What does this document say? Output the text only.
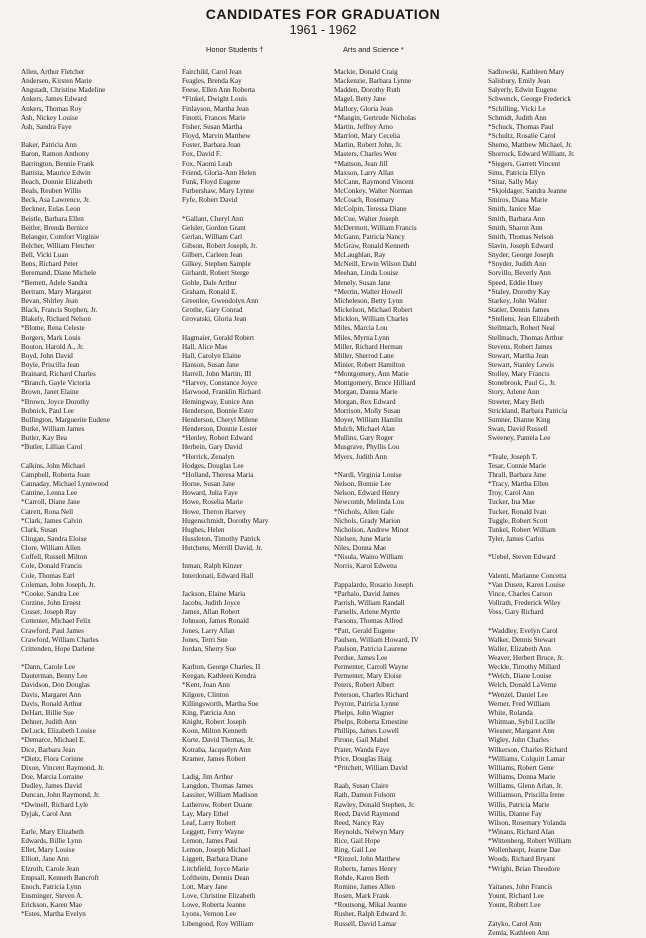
CANDIDATES FOR GRADUATION
1961 - 1962
Honor Students †	Arts and Science *
Allen, Arthur Fletcher
Andersen, Kirsten Marie
Angstadt, Christine Madeline
Ankers, James Edward
Ankers, Thomas Roy
Ash, Nickey Louise
Ash, Sandra Faye
Baker, Patricia Ann
Baron, Ramon Anthony
Barrington, Bennie Frank
Battista, Maurice Edwin
Beach, Donnie Elizabeth
Beals, Reuben Willis
Beck, Asa Lawrence, Jr.
Beckner, Eulas Leon
Beistle, Barbara Ellen
Beitler, Brenda Bernice
Belanger, Comfort Virginie
Belcher, William Fletcher
Bell, Vicki Luan
Bens, Richard Peter
Beremand, Diane Michele
*Bernett, Adele Sandra
Bertram, Mary Margaret
Bevan, Shirley Jean
Black, Francis Stephen, Jr.
Blakely, Richard Nelson
*Blome, Rena Celeste
Borgers, Mark Louis
Bouton, Harold A., Jr.
Boyd, John David
Boyle, Priscilla Jean
Brainard, Richard Charles
*Branch, Gayle Victoria
Brown, Janet Elaine
*Brown, Joyce Dorothy
Bubnick, Paul Lee
Bullington, Marguerite Eudene
Burke, William James
Butler, Kay Bea
*Butler, Lillian Carol
Calkins, John Michael
Campbell, Roberta Joan
Cannaday, Michael Lynnwood
Cantine, Lenna Lee
*Carroll, Diane Jane
Catrett, Rona Nell
*Clark, James Calvin
Clark, Susan
Clingan, Sandra Eloise
Clore, William Allen
Coffell, Russell Milton
Cole, Donald Francis
Cole, Thomas Earl
Coleman, John Joseph, Jr.
*Cooke, Sandra Lee
Corzine, John Ernest
Cosser, Joseph Ray
Cottenier, Michael Felix
Crawford, Paul James
Crawford, William Charles
Crittenden, Hope Darlene
*Dann, Carole Lee
Dauterman, Benny Lee
Davidson, Don Douglas
Davis, Margaret Ann
Davis, Ronald Arthur
DeHart, Billie Sue
Dehner, Judith Ann
DeLuck, Elizabeth Louise
*Demarce, Michael E.
Dice, Barbara Jean
*Dietz, Flora Corinne
Dixon, Vincent Raymond, Jr.
Doe, Marcia Lorraine
Dudley, James David
Duncan, John Raymond, Jr.
*Dwinell, Richard Lyle
Dyjak, Carol Ann
Earle, Mary Elizabeth
Edwards, Billie Lynn
Ellet, Mary Louise
Elliott, Jane Ann
Elzroth, Carole Jean
Empsall, Kenneth Bancroft
Enoch, Patricia Lynn
Ensminger, Steven A.
Erickson, Karen Mae
*Estes, Martha Evelyn
Fairchild, Carol Jean
Feagles, Brenda Kay
Feese, Ellen Ann Roberta
*Finkel, Dwight Louis
Finlayson, Martha Jean
Finotti, Frances Marie
Fisher, Susan Martha
Floyd, Marvin Matthew
Foster, Barbara Joan
Fox, David F.
Fox, Naomi Leah
Friend, Gloria-Ann Helen
Funk, Floyd Eugene
Furbershaw, Mary Lynne
Fyfe, Robert David
*Gallant, Cheryl Ann
Gelsler, Gordon Grant
Gerlan, William Carl
Gibson, Robert Joseph, Jr.
Gilbert, Carleen Jean
Gilkey, Stephen Sample
Girhardt, Robert Sterge
Goble, Dale Arthur
Graham, Ronald E.
Greenlee, Gwendolyn Ann
Grothe, Gary Conrad
Grovatski, Gloria Jean
Hagmaier, Gerald Robert
Hall, Alice Mae
Hall, Carolyn Elaine
Hanson, Susan Jane
Harrell, John Martin, III
*Harvey, Constance Joyce
Harwood, Franklin Richard
Hemingway, Eunice Ann
Henderson, Bonnie Ester
Henderson, Cheryl Milene
Henderson, Donnie Lester
*Henley, Robert Edward
Herbein, Gary David
*Herrick, Zenalyn
Hodges, Douglas Lee
*Holland, Theresa Maria
Horne, Susan Jane
Howard, Julia Faye
Howe, Roselia Marie
Howe, Theron Harvey
Hugenschmidt, Dorothy Mary
Hughes, Helen
Hussleton, Timothy Patrick
Hutchens, Merrill David, Jr.
Inman, Ralph Kinzer
Interdonati, Edward Hall
Jackson, Elaine Maria
Jacobs, Judith Joyce
James, Allan Robert
Johnson, James Ronald
Jones, Larry Allan
Jones, Terri Sue
Jordan, Sherry Sue
Karlton, George Charles, II
Keegan, Kathleen Kendra
*Kent, Joan Ann
Kilgore, Clinton
Killingsworth, Martha Sue
King, Patricia Ann
Knight, Robert Joseph
Koon, Milton Kenneth
Korte, David Thomas, Jr.
Kotraba, Jacquelyn Ann
Kramer, James Robert
Ladig, Jim Arthur
Langdon, Thomas James
Lassiter, William Madison
Latherow, Robert Duane
Lay, Mary Ethel
Leaf, Larry Robert
Leggett, Ferry Wayne
Lemon, James Paul
Lemon, Joseph Michael
Liggett, Barbara Diane
Litchfield, Joyce Marie
Loftheim, Dennis Dean
Lott, Mary Jane
Love, Christine Elizabeth
Lowe, Roberta Jeanne
Lyons, Vernon Lee
Libengood, Roy William
Mackie, Donald Craig
Mackenzie, Barbara Lynne
Madden, Dorothy Ruth
Magel, Betty Jane
Mallory, Gloria Jean
*Mangin, Gertrude Nicholas
Martin, Jeffrey Arno
Marriott, Mary Cecelia
Martin, Robert John, Jr.
Masters, Charles Wen
*Mattson, Jean Jill
Maxson, Larry Allan
McCann, Raymond Vincent
McConkey, Walter Norman
McCoach, Rosemary
McColpin, Teressa Diane
McCue, Walter Joseph
McDermott, William Francis
McGann, Patricia Nancy
McGraw, Ronald Kenneth
McLaughlan, Ray
McNeill, Erwin Wilson Dahl
Meehan, Linda Louise
Menely, Susan Jane
*Merrin, Walter Howell
Micheleson, Betty Lynn
Mickelson, Michael Robert
Micklon, William Charles
Miles, Marcia Lou
Miles, Myrna Lynn
Miller, Richard Herman
Miller, Sherrod Lane
Minier, Robert Hamilton
*Montgomery, Ann Marie
Montgomery, Bruce Hilliard
Morgan, Danna Marie
Morgan, Rex Edward
Morrison, Molly Susan
Moyer, William Hamlin
Mulch, Michael Alan
Mullins, Gary Roger
Musgrave, Phyllis Lou
Myers, Judith Ann
*Nardi, Virginia Louise
Nelson, Bonnie Lee
Nelson, Edward Henry
Newcomb, Melinda Lou
*Nichols, Allen Gale
Nichols, Grady Marion
Nicholson, Andrew Minot
Nielsen, June Marie
Niles, Donna Mae
*Nisula, Waino William
Norris, Karol Edwena
Pappalardo, Rosario Joseph
*Parhalo, David James
Parrish, William Randall
Parsells, Arlene Myrtle
Parsons, Thomas Alfred
*Patt, Gerald Eugene
Paulsen, William Howard, IV
Paulson, Patricia Laurene
Perdue, James Lee
Permenter, Carroll Wayne
Permenter, Mary Eloise
Peters, Robert Albert
Peterson, Charles Richard
Peyton, Patricia Lynne
Phelps, John Wagner
Phelps, Roberta Ernestine
Phillips, James Lowell
Pirone, Gail Mabel
Prater, Wanda Faye
Price, Douglas Haig
*Pritchett, William David
Raab, Susan Claire
Rath, Damon Folsom
Rawley, Donald Stephen, Jr.
Reed, David Raymond
Reed, Nancy Ray
Reynolds, Nelwyn Mary
Rice, Gail Hope
Ring, Gail Lee
*Rinzel, John Matthew
Roberts, James Henry
Rohde, Karen Beth
Romine, James Allen
Rosen, Mark Frank
*Routsong, Mikal Jeanne
Rusher, Ralph Edward Jr.
Russell, David Lamar
Sadlowski, Kathleen Mary
Salisbury, Emily Jean
Salyerly, Edwin Eugene
Schwenck, George Frederick
*Schilling, Vicki Le
Schmidt, Judith Ann
*Schuck, Thomas Paul
*Schultz, Rosalie Carol
Shemo, Matthew Michael, Jr.
Shorrock, Edward William, Jr.
*Siegers, Garrett Vincent
Sims, Patricia Ellyn
*Sitar, Sally May
*Skjoldager, Sandra Jeanne
Smiros, Diana Marie
Smith, Janice Mae
Smith, Barbara Ann
Smith, Sharon Ann
Smith, Thomas Nelson
Slavin, Joseph Edward
Snyder, George Joseph
*Snyder, Judith Ann
Sorvillo, Beverly Ann
Speed, Eddie Huey
*Staley, Dorothy Kay
Starkey, John Walter
Statler, Dennis James
*Stellens, Jean Elizabeth
Stellmach, Robert Neal
Stellmach, Thomas Arthur
Stevens, Robert James
Stewart, Martha Jean
Stewart, Stanley Lewis
Stolley, Mary Francis
Stonebrook, Paul G., Jr.
Story, Arlene Ann
Streeter, Mary Beth
Strickland, Barbara Patricia
Sumner, Dianne King
Swan, David Russell
Sweeney, Pamela Lee
*Teale, Joseph T.
Tesar, Connie Marie
Thrall, Barbara Jane
*Tracy, Martha Ellen
Troy, Carol Ann
Tucker, Ina Mae
Tucker, Ronald Ivan
Tuggle, Robert Scott
Tunkel, Robert William
Tyler, James Carlos
*Uebel, Steven Edward
Valenti, Marianne Concetta
*Van Dusen, Karen Louise
Vince, Charles Carson
Vollrath, Frederick Wiley
Voss, Gary Richard
*Waddley, Evelyn Carol
Walker, Dennis Stewart
Waller, Elizabeth Ann
Weaver, Herbert Bruce, Jr.
Weckle, Timothy Millard
*Welch, Diane Louise
Welch, Donald LaVerne
*Wenzel, Daniel Lee
Werner, Fred William
White, Rolanda
Whitman, Sybil Lucille
Wiesner, Margaret Ann
Wigley, John Charles
Wilkerson, Charles Richard
*Williams, Colquitt Lamar
Williams, Robert Gene
Williams, Donna Marie
Williams, Glenn Arlan, Jr.
Williamson, Priscilla Irene
Willis, Patricia Marie
Willis, Dianne Fay
Wilson, Rosemary Yolanda
*Winans, Richard Alan
*Wittenberg, Robert William
Wollenhaupt, Jeanne Dae
Woods, Richard Bryant
*Wright, Brian Theodore
Yaitanes, John Francis
Yount, Richard Lee
Yount, Robert Lee
Zatyko, Carol Ann
Zemla, Kathleen Ann
